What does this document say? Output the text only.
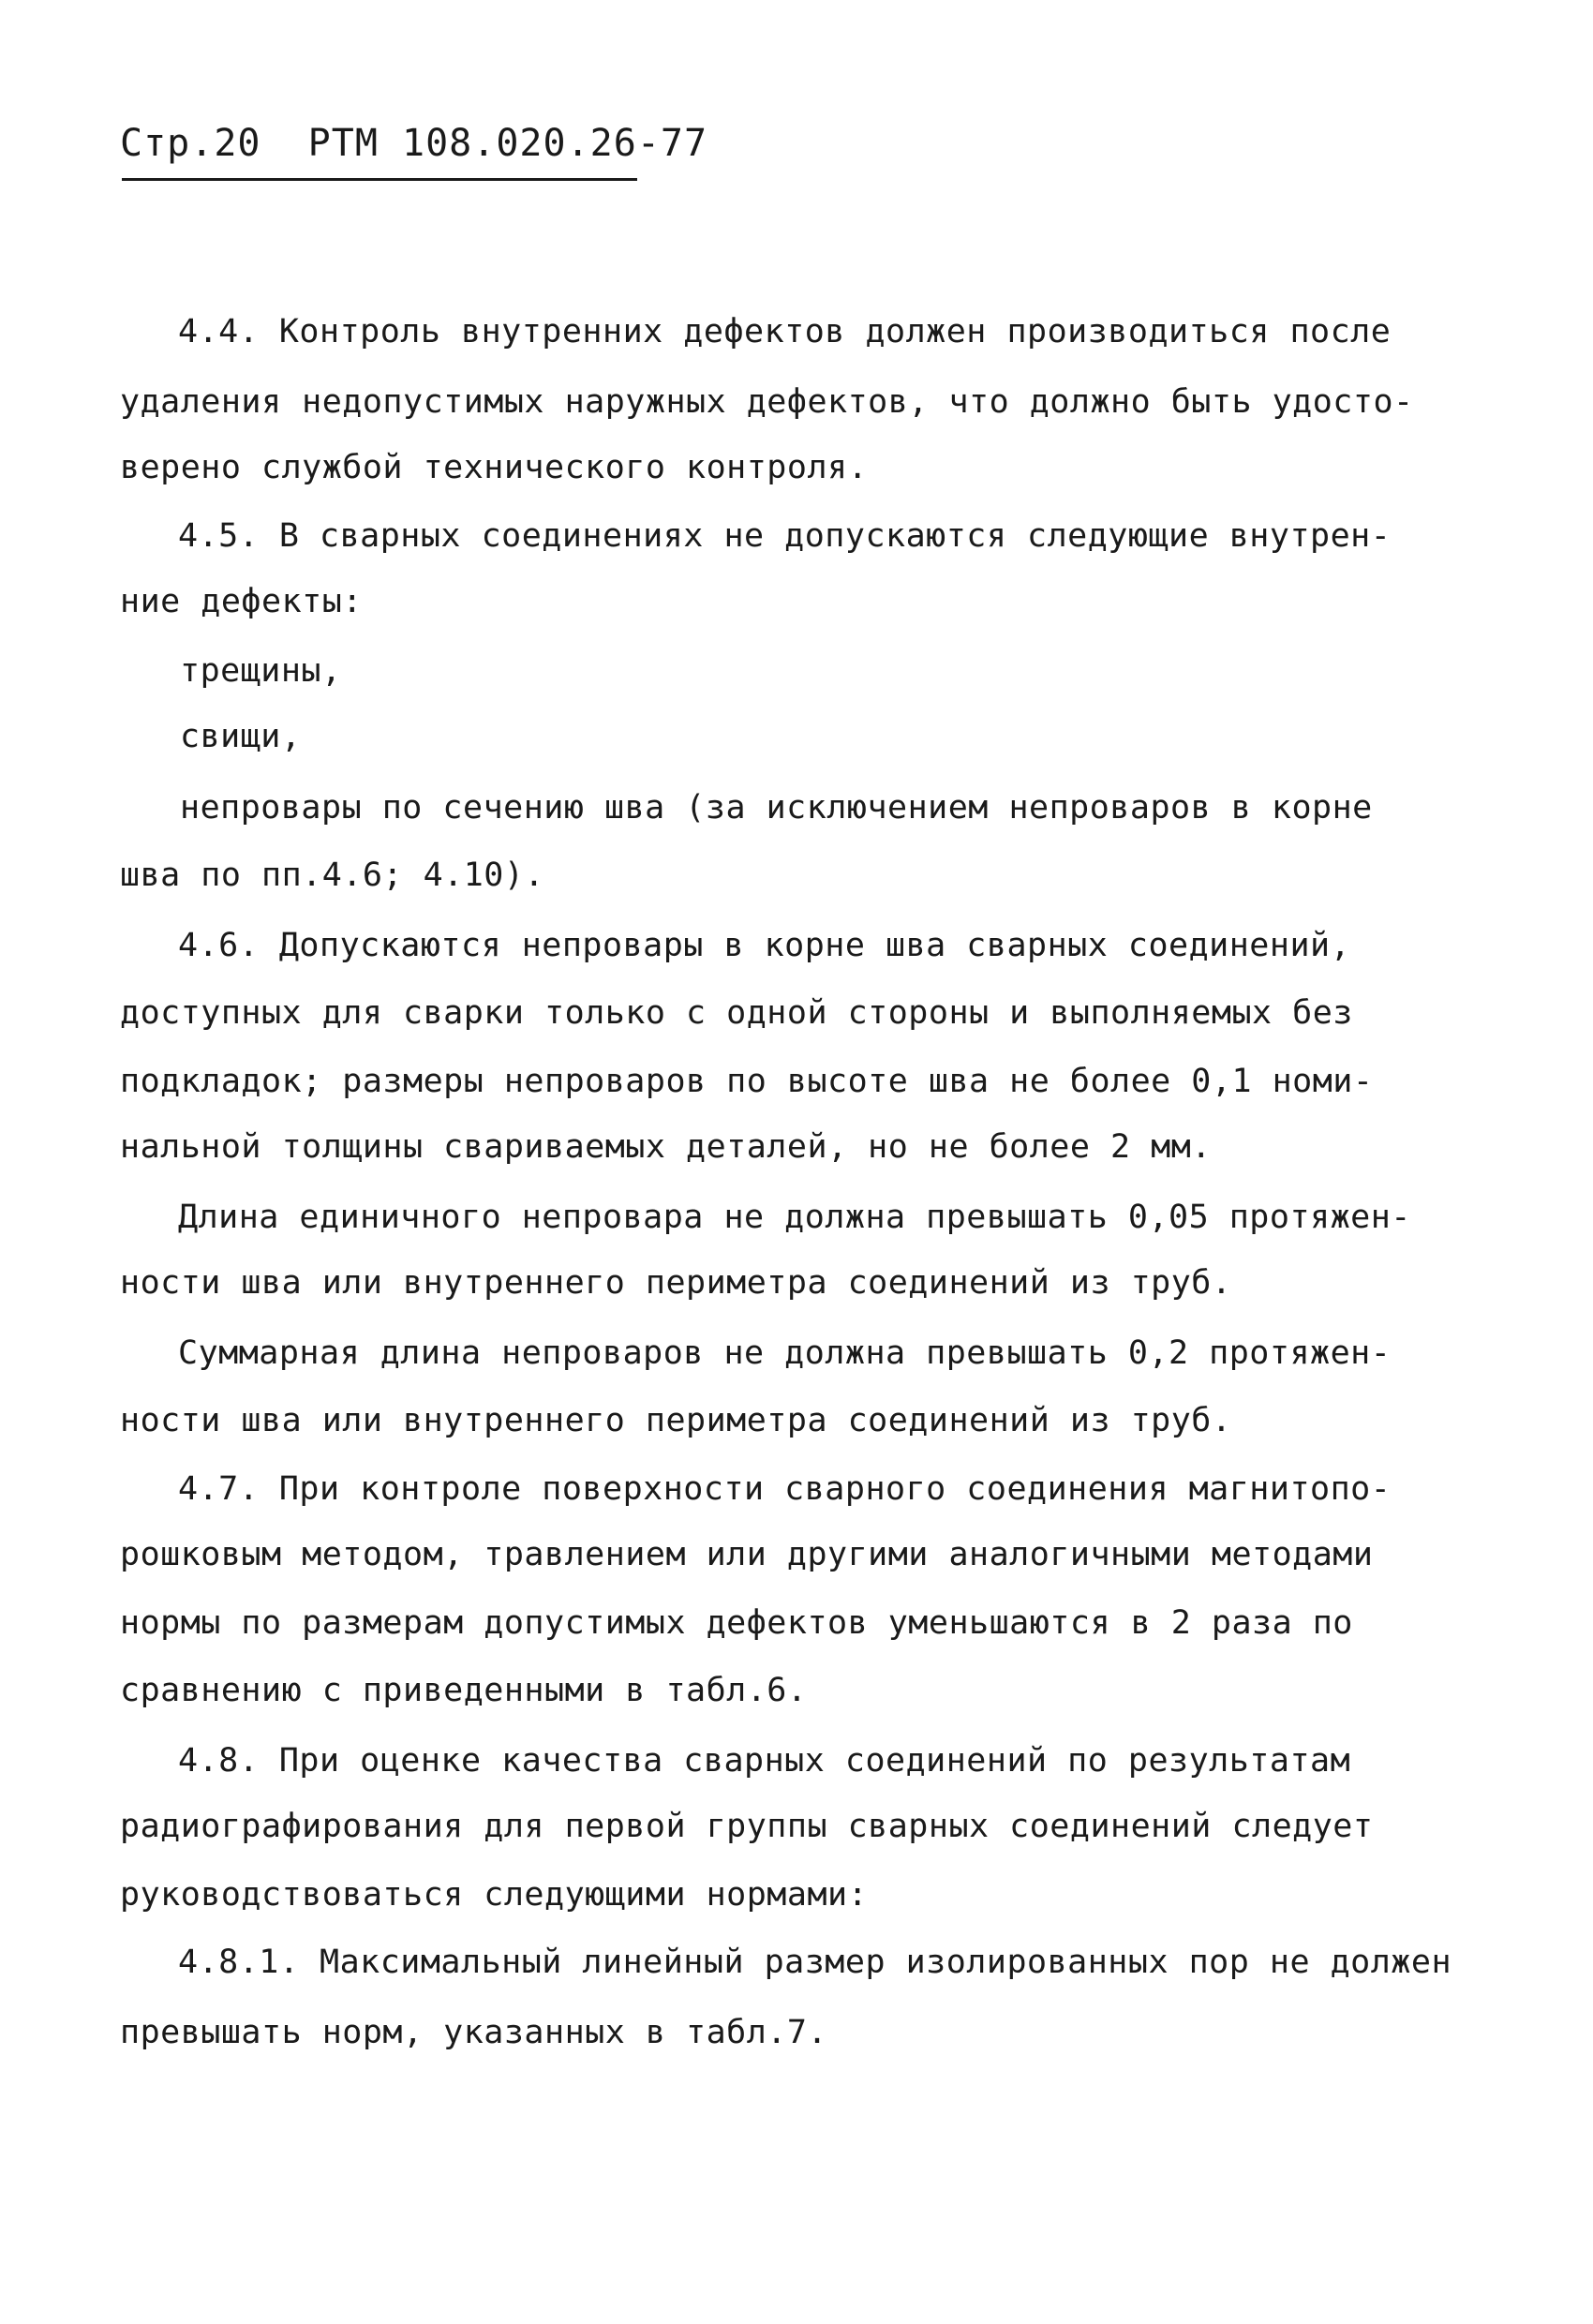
Стр.20 РТМ 108.020.26-77
4.4. Контроль внутренних дефектов должен производиться после
удаления недопустимых наружных дефектов, что должно быть удосто-
верено службой технического контроля.
4.5. В сварных соединениях не допускаются следующие внутрен-
ние дефекты:
трещины,
свищи,
непровары по сечению шва (за исключением непроваров в корне
шва по пп.4.6; 4.10).
4.6. Допускаются непровары в корне шва сварных соединений,
доступных для сварки только с одной стороны и выполняемых без
подкладок; размеры непроваров по высоте шва не более 0,1 номи-
нальной толщины свариваемых деталей, но не более 2 мм.
Длина единичного непровара не должна превышать 0,05 протяжен-
ности шва или внутреннего периметра соединений из труб.
Суммарная длина непроваров не должна превышать 0,2 протяжен-
ности шва или внутреннего периметра соединений из труб.
4.7. При контроле поверхности сварного соединения магнитопо-
рошковым методом, травлением или другими аналогичными методами
нормы по размерам допустимых дефектов уменьшаются в 2 раза по
сравнению с приведенными в табл.6.
4.8. При оценке качества сварных соединений по результатам
радиографирования для первой группы сварных соединений следует
руководствоваться следующими нормами:
4.8.1. Максимальный линейный размер изолированных пор не должен
превышать норм, указанных в табл.7.
